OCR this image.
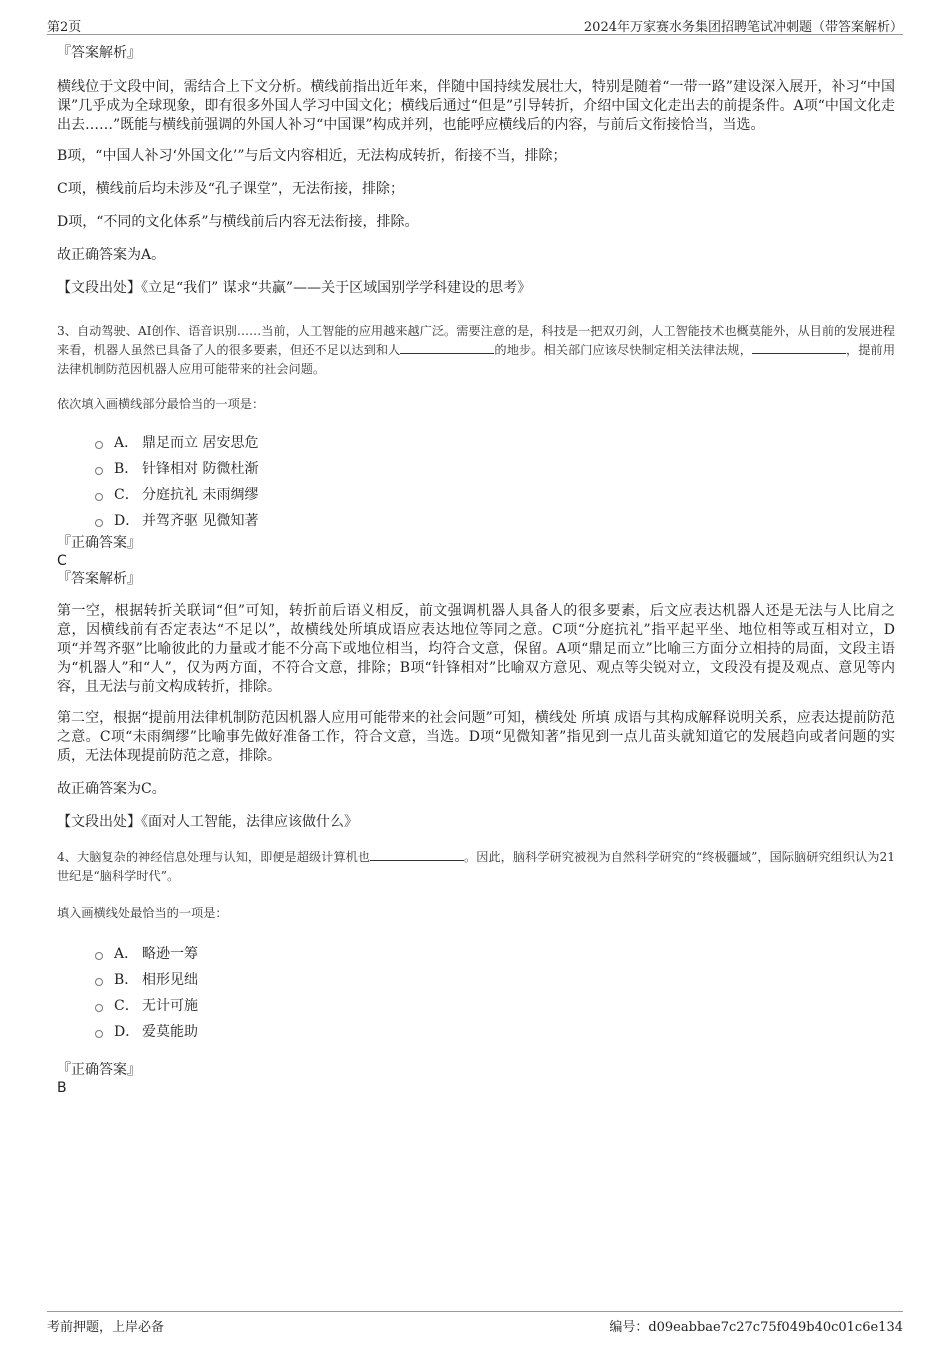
第2页	2024年万家赛水务集团招聘笔试冲刺题（带答案解析）

『答案解析』

横线位于文段中间，需结合上下文分析。横线前指出近年来，伴随中国持续发展壮大，特别是随着“一带一路”建设深入展开，补习“中国课”几乎成为全球现象，即有很多外国人学习中国文化；横线后通过“但是”引导转折，介绍中国文化走出去的前提条件。A项“中国文化走出去……”既能与横线前强调的外国人补习“中国课”构成并列，也能呼应横线后的内容，与前后文衔接恰当，当选。

B项，“中国人补习‘外国文化’”与后文内容相近，无法构成转折，衔接不当，排除；

C项，横线前后均未涉及“孔子课堂”，无法衔接，排除；

D项，“不同的文化体系”与横线前后内容无法衔接，排除。

故正确答案为A。

【文段出处】《立足“我们” 谋求“共赢”——关于区域国别学学科建设的思考》

3、自动驾驶、AI创作、语音识别……当前，人工智能的应用越来越广泛。需要注意的是，科技是一把双刃剑，人工智能技术也概莫能外，从目前的发展进程来看，机器人虽然已具备了人的很多要素，但还不足以达到和人	的地步。相关部门应该尽快制定相关法律法规，	，提前用法律机制防范因机器人应用可能带来的社会问题。

依次填入画横线部分最恰当的一项是：

A． 鼎足而立 居安思危
B． 针锋相对 防微杜渐
C． 分庭抗礼 未雨绸缪
D． 并驾齐驱 见微知著

『正确答案』

C

『答案解析』

第一空，根据转折关联词“但”可知，转折前后语义相反，前文强调机器人具备人的很多要素，后文应表达机器人还是无法与人比肩之意，因横线前有否定表达“不足以”，故横线处所填成语应表达地位等同之意。C项“分庭抗礼”指平起平坐、地位相等或互相对立，D项“并驾齐驱”比喻彼此的力量或才能不分高下或地位相当，均符合文意，保留。A项“鼎足而立”比喻三方面分立相持的局面，文段主语为“机器人”和“人”，仅为两方面，不符合文意，排除；B项“针锋相对”比喻双方意见、观点等尖锐对立，文段没有提及观点、意见等内容，且无法与前文构成转折，排除。

第二空，根据“提前用法律机制防范因机器人应用可能带来的社会问题”可知，横线处 所填 成语与其构成解释说明关系，应表达提前防范之意。C项“未雨绸缪”比喻事先做好准备工作，符合文意，当选。D项“见微知著”指见到一点儿苗头就知道它的发展趋向或者问题的实质，无法体现提前防范之意，排除。

故正确答案为C。

【文段出处】《面对人工智能，法律应该做什么》

4、大脑复杂的神经信息处理与认知，即便是超级计算机也	。因此，脑科学研究被视为自然科学研究的“终极疆域”，国际脑研究组织认为21世纪是“脑科学时代”。

填入画横线处最恰当的一项是：

A． 略逊一筹
B． 相形见绌
C． 无计可施
D． 爱莫能助

『正确答案』

B

考前押题，上岸必备	编号：d09eabbae7c27c75f049b40c01c6e134
